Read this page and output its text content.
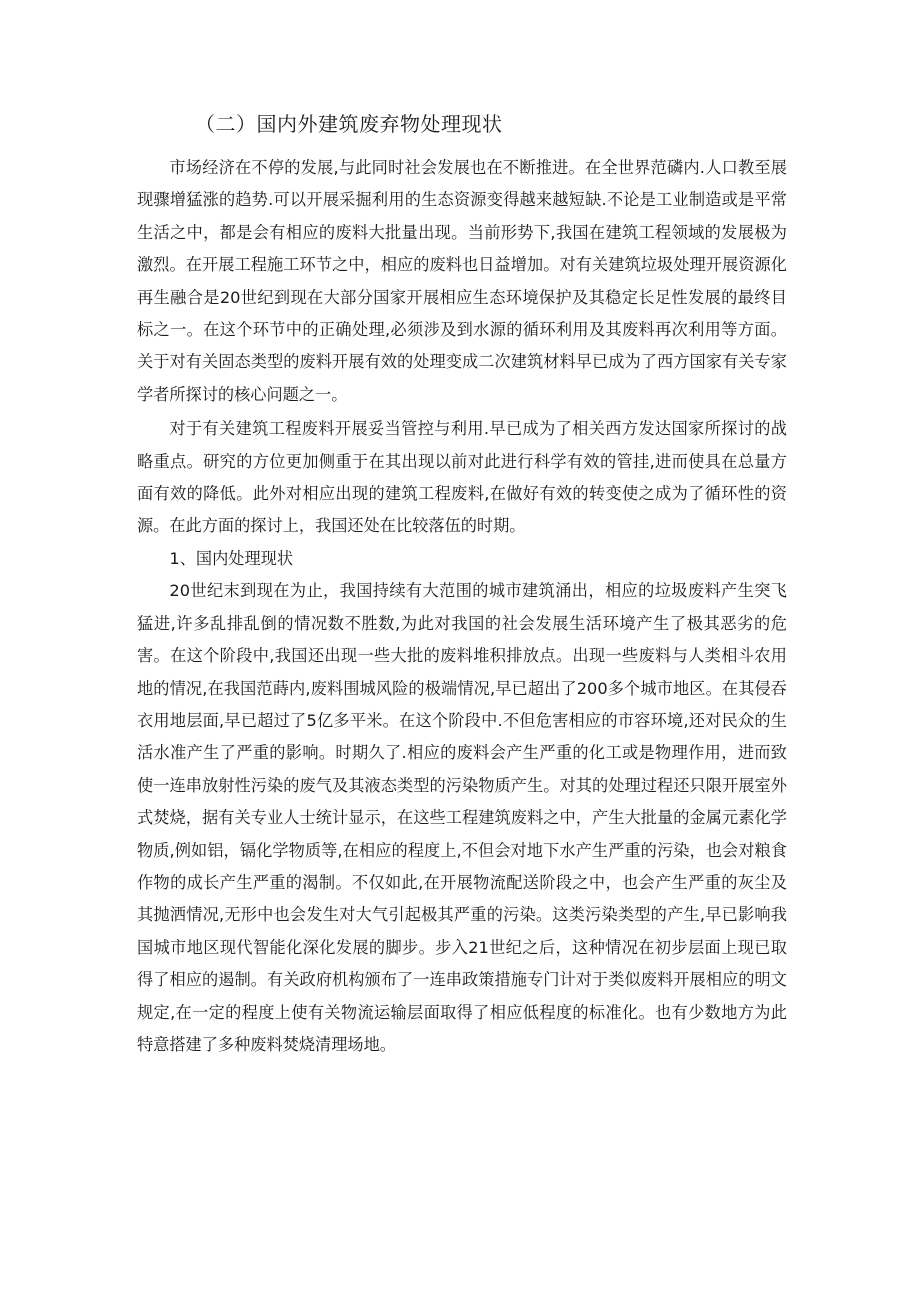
（二）国内外建筑废弃物处理现状

市场经济在不停的发展,与此同时社会发展也在不断推进。在全世界范磷内.人口教至展现骤增猛涨的趋势.可以开展采掘利用的生态资源变得越来越短缺.不论是工业制造或是平常生活之中，都是会有相应的废料大批量出现。当前形势下,我国在建筑工程领域的发展极为激烈。在开展工程施工环节之中，相应的废料也日益增加。对有关建筑垃圾处理开展资源化再生融合是20世纪到现在大部分国家开展相应生态环境保护及其稳定长足性发展的最终目标之一。在这个环节中的正确处理,必须涉及到水源的循环利用及其废料再次利用等方面。关于对有关固态类型的废料开展有效的处理变成二次建筑材料早已成为了西方国家有关专家学者所探讨的核心问题之一。

对于有关建筑工程废料开展妥当管控与利用.早已成为了相关西方发达国家所探讨的战略重点。研究的方位更加侧重于在其出现以前对此进行科学有效的管挂,进而使具在总量方面有效的降低。此外对相应出现的建筑工程废料,在做好有效的转变使之成为了循环性的资源。在此方面的探讨上，我国还处在比较落伍的时期。

1、国内处理现状

20世纪末到现在为止，我国持续有大范围的城市建筑涌出，相应的垃圾废料产生突飞猛进,许多乱排乱倒的情况数不胜数,为此对我国的社会发展生活环境产生了极其恶劣的危害。在这个阶段中,我国还出现一些大批的废料堆积排放点。出现一些废料与人类相斗农用地的情况,在我国范蒔内,废料围城风险的极端情况,早已超出了200多个城市地区。在其侵吞衣用地层面,早已超过了5亿多平米。在这个阶段中.不但危害相应的市容环境,还对民众的生活水准产生了严重的影响。时期久了.相应的废料会产生严重的化工或是物理作用，进而致使一连串放射性污染的废气及其液态类型的污染物质产生。对其的处理过程还只限开展室外式焚烧，据有关专业人士统计显示，在这些工程建筑废料之中，产生大批量的金属元素化学物质,例如铝，镉化学物质等,在相应的程度上,不但会对地下水产生严重的污染，也会对粮食作物的成长产生严重的渴制。不仅如此,在开展物流配送阶段之中，也会产生严重的灰尘及其抛洒情况,无形中也会发生对大气引起极其严重的污染。这类污染类型的产生,早已影响我国城市地区现代智能化深化发展的脚步。步入21世纪之后，这种情况在初步层面上现已取得了相应的遏制。有关政府机构颁布了一连串政策措施专门计对于类似废料开展相应的明文规定,在一定的程度上使有关物流运输层面取得了相应低程度的标准化。也有少数地方为此特意搭建了多种废料焚烧清理场地。
